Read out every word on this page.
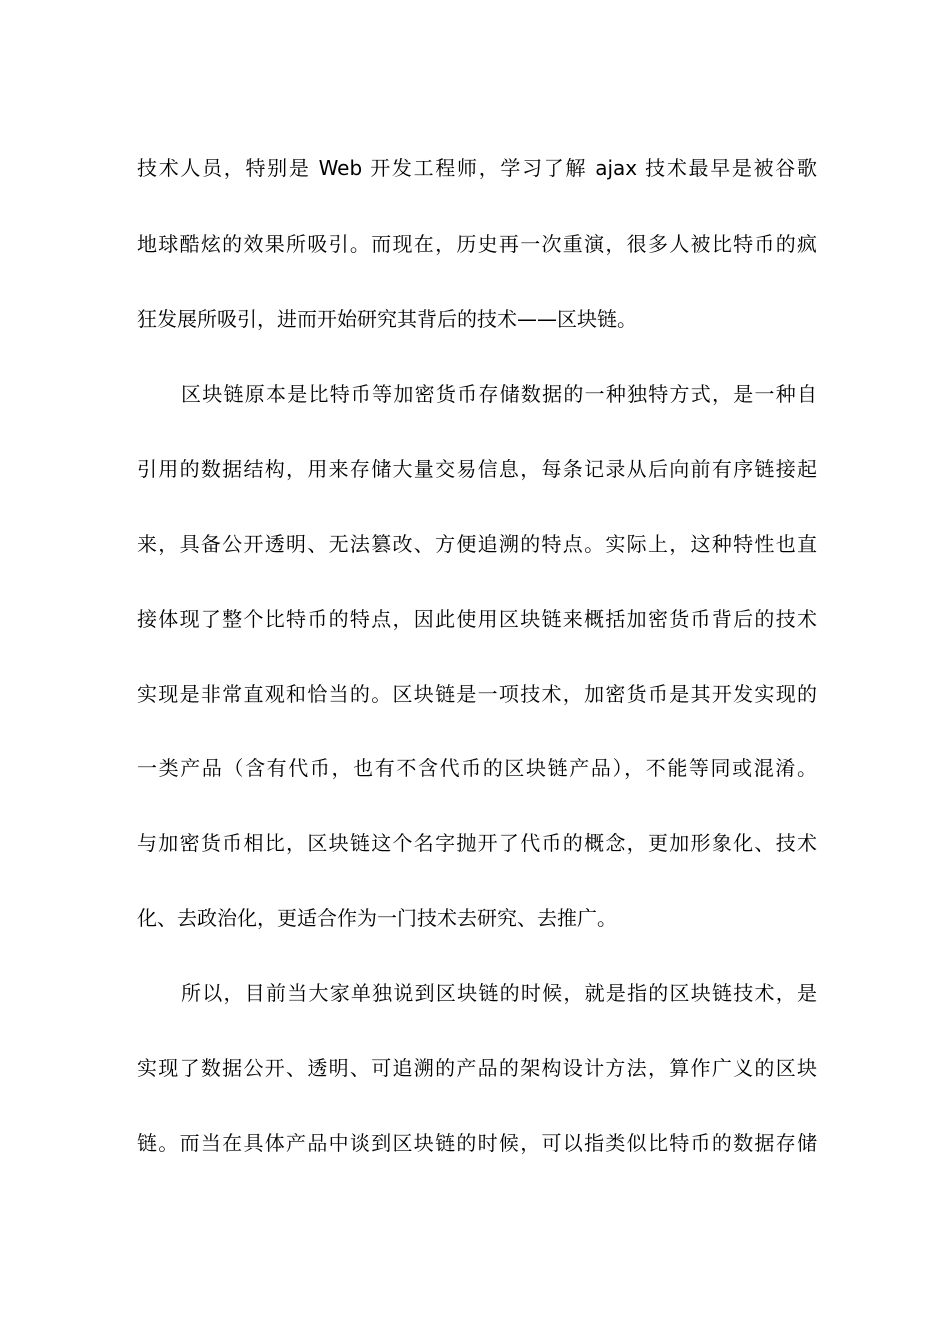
技术人员，特别是 Web 开发工程师，学习了解 ajax 技术最早是被谷歌
地球酷炫的效果所吸引。而现在，历史再一次重演，很多人被比特币的疯
狂发展所吸引，进而开始研究其背后的技术——区块链。
区块链原本是比特币等加密货币存储数据的一种独特方式，是一种自
引用的数据结构，用来存储大量交易信息，每条记录从后向前有序链接起
来，具备公开透明、无法篡改、方便追溯的特点。实际上，这种特性也直
接体现了整个比特币的特点，因此使用区块链来概括加密货币背后的技术
实现是非常直观和恰当的。区块链是一项技术，加密货币是其开发实现的
一类产品（含有代币，也有不含代币的区块链产品），不能等同或混淆。
与加密货币相比，区块链这个名字抛开了代币的概念，更加形象化、技术
化、去政治化，更适合作为一门技术去研究、去推广。
所以，目前当大家单独说到区块链的时候，就是指的区块链技术，是
实现了数据公开、透明、可追溯的产品的架构设计方法，算作广义的区块
链。而当在具体产品中谈到区块链的时候，可以指类似比特币的数据存储
